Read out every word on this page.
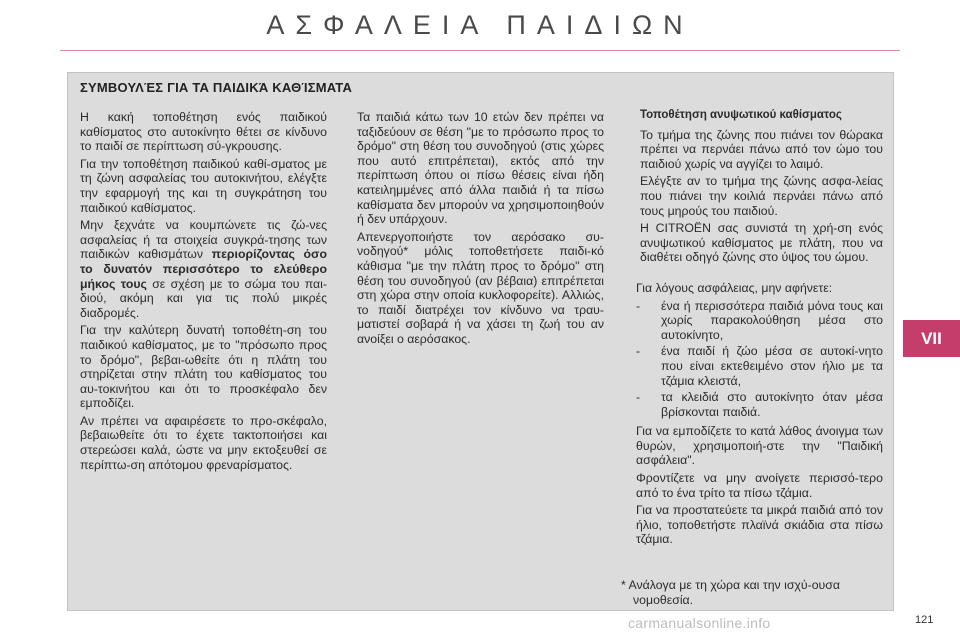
ΑΣΦΑΛΕΙΑ ΠΑΙΔΙΩΝ
ΣΥΜΒΟΥΛΈΣ ΓΙΑ ΤΑ ΠΑΙΔΙΚΆ ΚΑΘΊΣΜΑΤΑ

Η κακή τοποθέτηση ενός παιδικού καθίσματος στο αυτοκίνητο θέτει σε κίνδυνο το παιδί σε περίπτωση σύ-γκρουσης.

Για την τοποθέτηση παιδικού καθί-σματος με τη ζώνη ασφαλείας του αυτοκινήτου, ελέγξτε την εφαρμογή της και τη συγκράτηση του παιδικού καθίσματος.

Μην ξεχνάτε να κουμπώνετε τις ζώ-νες ασφαλείας ή τα στοιχεία συγκρά-τησης των παιδικών καθισμάτων περιορίζοντας όσο το δυνατόν περισσότερο το ελεύθερο μήκος τους σε σχέση με το σώμα του παι-διού, ακόμη και για τις πολύ μικρές διαδρομές.

Για την καλύτερη δυνατή τοποθέτη-ση του παιδικού καθίσματος, με το "πρόσωπο προς το δρόμο", βεβαι-ωθείτε ότι η πλάτη του στηρίζεται στην πλάτη του καθίσματος του αυ-τοκινήτου και ότι το προσκέφαλο δεν εμποδίζει.

Αν πρέπει να αφαιρέσετε το προ-σκέφαλο, βεβαιωθείτε ότι το έχετε τακτοποιήσει και στερεώσει καλά, ώστε να μην εκτοξευθεί σε περίπτω-ση απότομου φρεναρίσματος.

Τα παιδιά κάτω των 10 ετών δεν πρέπει να ταξιδεύουν σε θέση "με το πρόσωπο προς το δρόμο" στη θέση του συνοδηγού (στις χώρες που αυτό επιτρέπεται), εκτός από την περίπτωση όπου οι πίσω θέσεις είναι ήδη κατειλημμένες από άλλα παιδιά ή τα πίσω καθίσματα δεν μπορούν να χρησιμοποιηθούν ή δεν υπάρχουν.

Απενεργοποιήστε τον αερόσακο συ-νοδηγού* μόλις τοποθετήσετε παιδι-κό κάθισμα "με την πλάτη προς το δρόμο" στη θέση του συνοδηγού (αν βέβαια) επιτρέπεται στη χώρα στην οποία κυκλοφορείτε). Αλλιώς, το παιδί διατρέχει τον κίνδυνο να τραυ-ματιστεί σοβαρά ή να χάσει τη ζωή του αν ανοίξει ο αερόσακος.

Τοποθέτηση ανυψωτικού καθίσματος

Το τμήμα της ζώνης που πιάνει τον θώρακα πρέπει να περνάει πάνω από τον ώμο του παιδιού χωρίς να αγγίζει το λαιμό.

Ελέγξτε αν το τμήμα της ζώνης ασφα-λείας που πιάνει την κοιλιά περνάει πάνω από τους μηρούς του παιδιού.

Η CITROËN σας συνιστά τη χρή-ση ενός ανυψωτικού καθίσματος με πλάτη, που να διαθέτει οδηγό ζώνης στο ύψος του ώμου.

Για λόγους ασφάλειας, μην αφήνετε:

- ένα ή περισσότερα παιδιά μόνα τους και χωρίς παρακολούθηση μέσα στο αυτοκίνητο,
- ένα παιδί ή ζώο μέσα σε αυτοκί-νητο που είναι εκτεθειμένο στον ήλιο με τα τζάμια κλειστά,
- τα κλειδιά στο αυτοκίνητο όταν μέσα βρίσκονται παιδιά.

Για να εμποδίζετε το κατά λάθος άνοιγμα των θυρών, χρησιμοποιή-στε την "Παιδική ασφάλεια".

Φροντίζετε να μην ανοίγετε περισσό-τερο από το ένα τρίτο τα πίσω τζάμια.

Για να προστατεύετε τα μικρά παιδιά από τον ήλιο, τοποθετήστε πλαϊνά σκιάδια στα πίσω τζάμια.

* Ανάλογα με τη χώρα και την ισχύ-ουσα νομοθεσία.
VII
carmanualsonline.info	121
